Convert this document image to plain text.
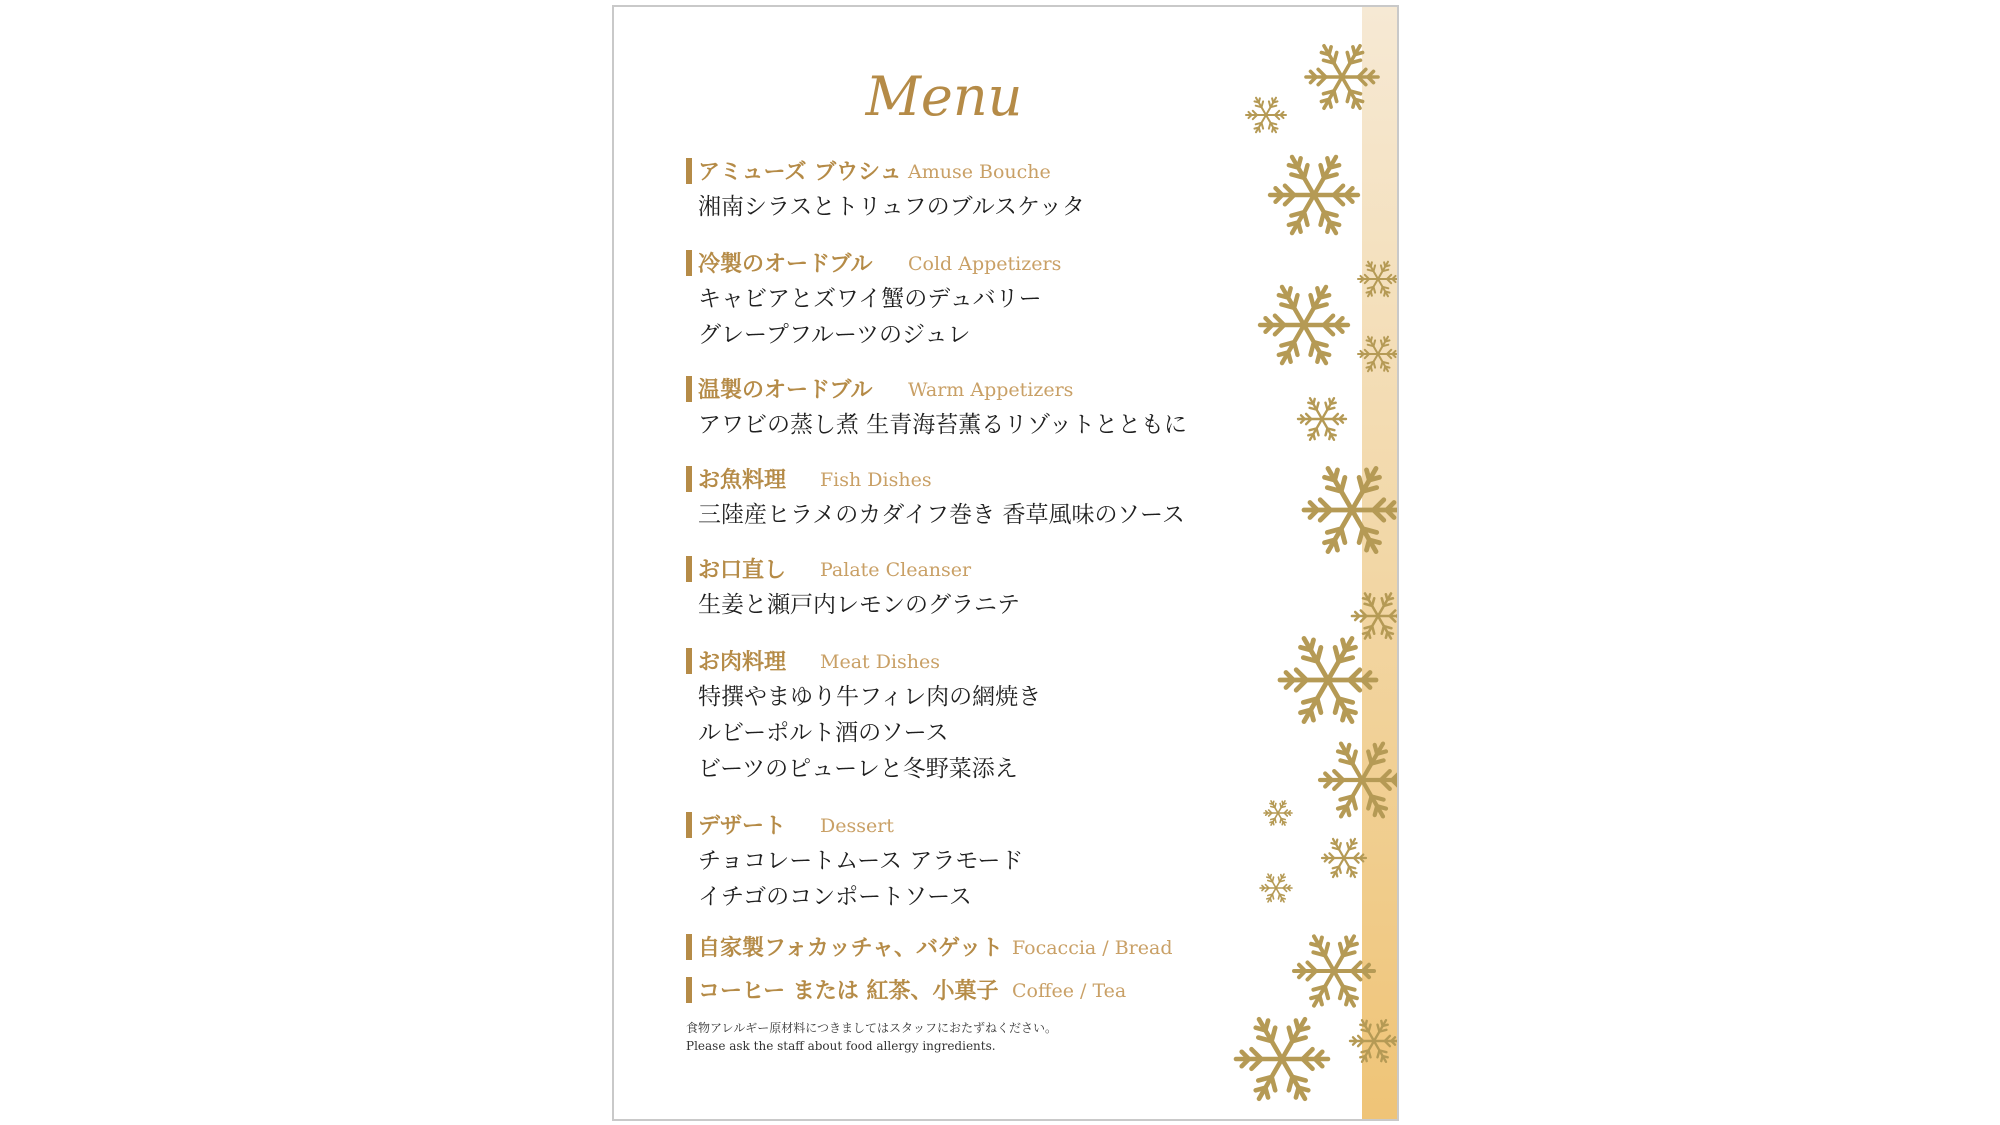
Menu
アミューズ ブウシュ Amuse Bouche
湘南シラスとトリュフのブルスケッタ
冷製のオードブル Cold Appetizers
キャビアとズワイ蟹のデュバリー
グレープフルーツのジュレ
温製のオードブル Warm Appetizers
アワビの蒸し煮 生青海苔薫るリゾットとともに
お魚料理 Fish Dishes
三陸産ヒラメのカダイフ巻き 香草風味のソース
お口直し Palate Cleanser
生姜と瀬戸内レモンのグラニテ
お肉料理 Meat Dishes
特撰やまゆり牛フィレ肉の網焼き
ルビーポルト酒のソース
ビーツのピューレと冬野菜添え
デザート Dessert
チョコレートムース アラモード
イチゴのコンポートソース
自家製フォカッチャ、バゲット Focaccia / Bread
コーヒー または 紅茶、小菓子 Coffee / Tea
食物アレルギー原材料につきましてはスタッフにおたずねください。
Please ask the staff about food allergy ingredients.
